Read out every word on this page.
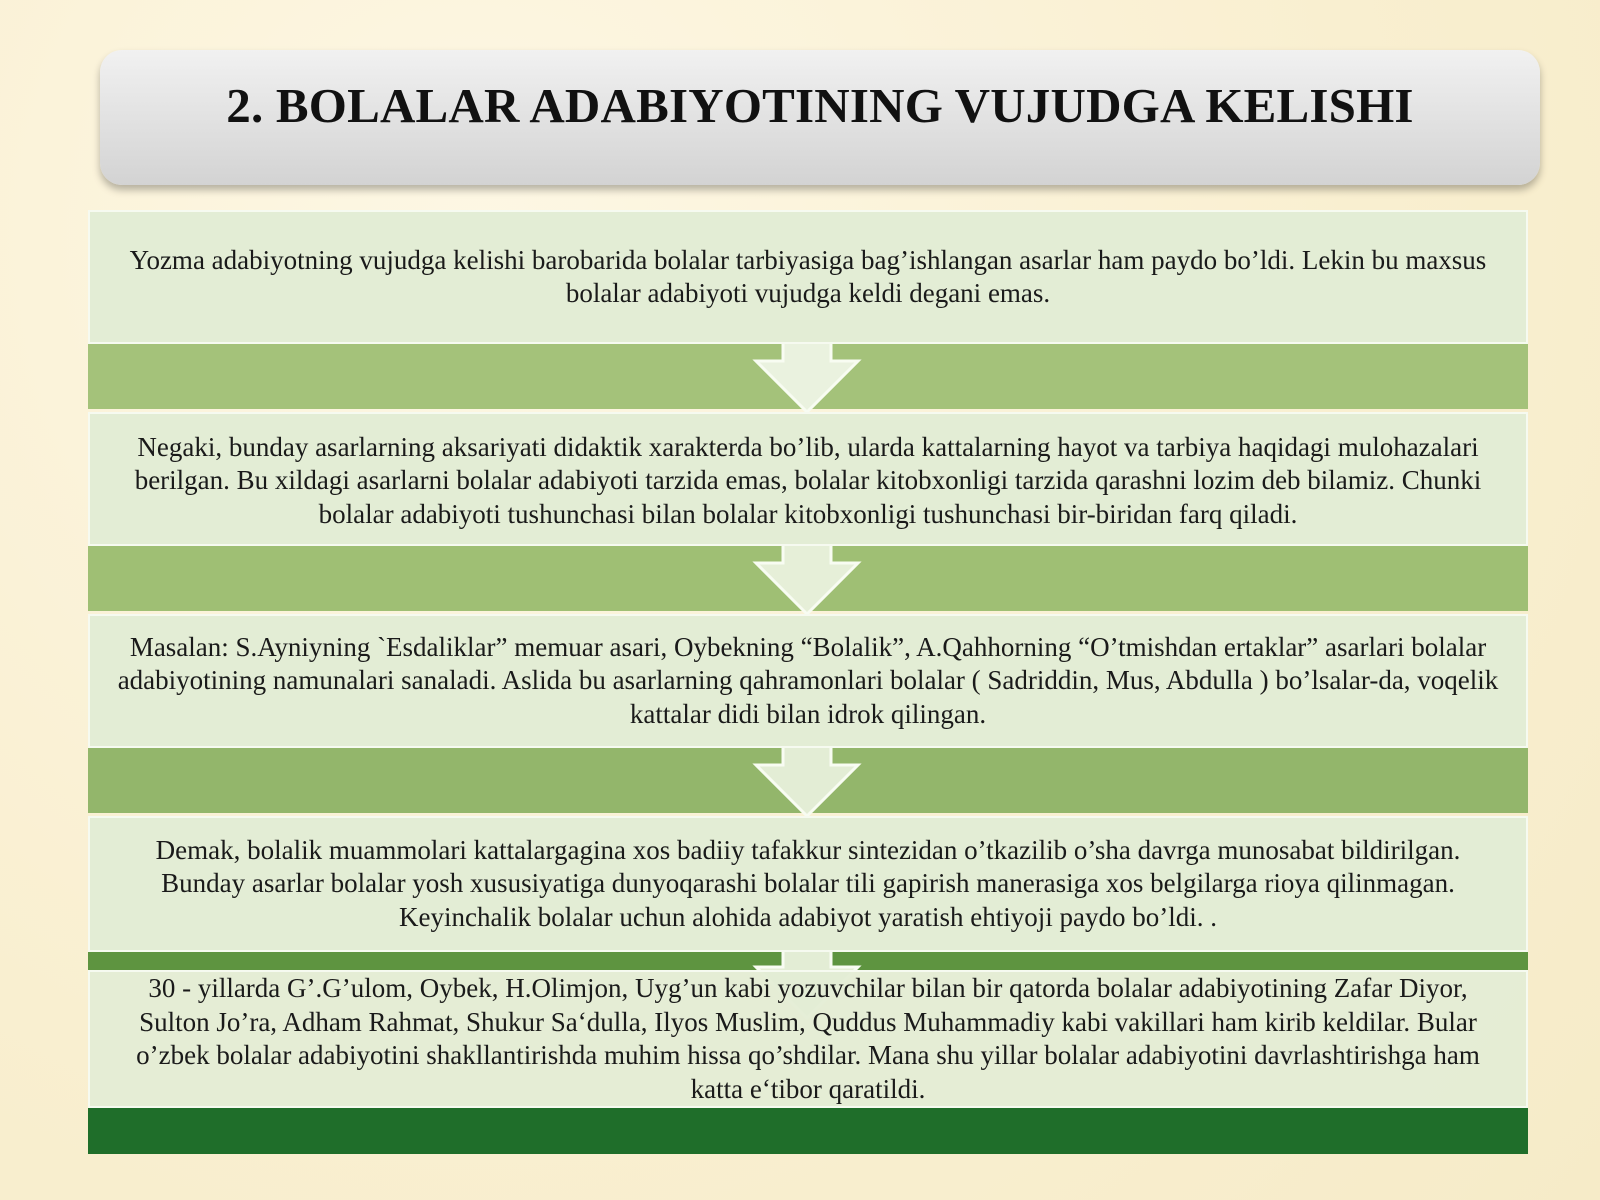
2. BOLALAR ADABIYOTINING VUJUDGA KELISHI

Yozma adabiyotning vujudga kelishi barobarida bolalar tarbiyasiga bag’ishlangan asarlar ham paydo bo’ldi. Lekin bu maxsus bolalar adabiyoti vujudga keldi degani emas.

Negaki, bunday asarlarning aksariyati didaktik xarakterda bo’lib, ularda kattalarning hayot va tarbiya haqidagi mulohazalari berilgan. Bu xildagi asarlarni bolalar adabiyoti tarzida emas, bolalar kitobxonligi tarzida qarashni lozim deb bilamiz. Chunki bolalar adabiyoti tushunchasi bilan bolalar kitobxonligi tushunchasi bir-biridan farq qiladi.

Masalan: S.Ayniyning `Esdaliklar” memuar asari, Oybekning “Bolalik”, A.Qahhorning “O’tmishdan ertaklar” asarlari bolalar adabiyotining namunalari sanaladi. Aslida bu asarlarning qahramonlari bolalar ( Sadriddin, Mus, Abdulla ) bo’lsalar-da, voqelik kattalar didi bilan idrok qilingan.

Demak, bolalik muammolari kattalargagina xos badiiy tafakkur sintezidan o’tkazilib o’sha davrga munosabat bildirilgan. Bunday asarlar bolalar yosh xususiyatiga dunyoqarashi bolalar tili gapirish manerasiga xos belgilarga rioya qilinmagan. Keyinchalik bolalar uchun alohida adabiyot yaratish ehtiyoji paydo bo’ldi. .

30 - yillarda G’.G’ulom, Oybek, H.Olimjon, Uyg’un kabi yozuvchilar bilan bir qatorda bolalar adabiyotining Zafar Diyor, Sulton Jo’ra, Adham Rahmat, Shukur Sa‘dulla, Ilyos Muslim, Quddus Muhammadiy kabi vakillari ham kirib keldilar. Bular o’zbek bolalar adabiyotini shakllantirishda muhim hissa qo’shdilar. Mana shu yillar bolalar adabiyotini davrlashtirishga ham katta e‘tibor qaratildi.
